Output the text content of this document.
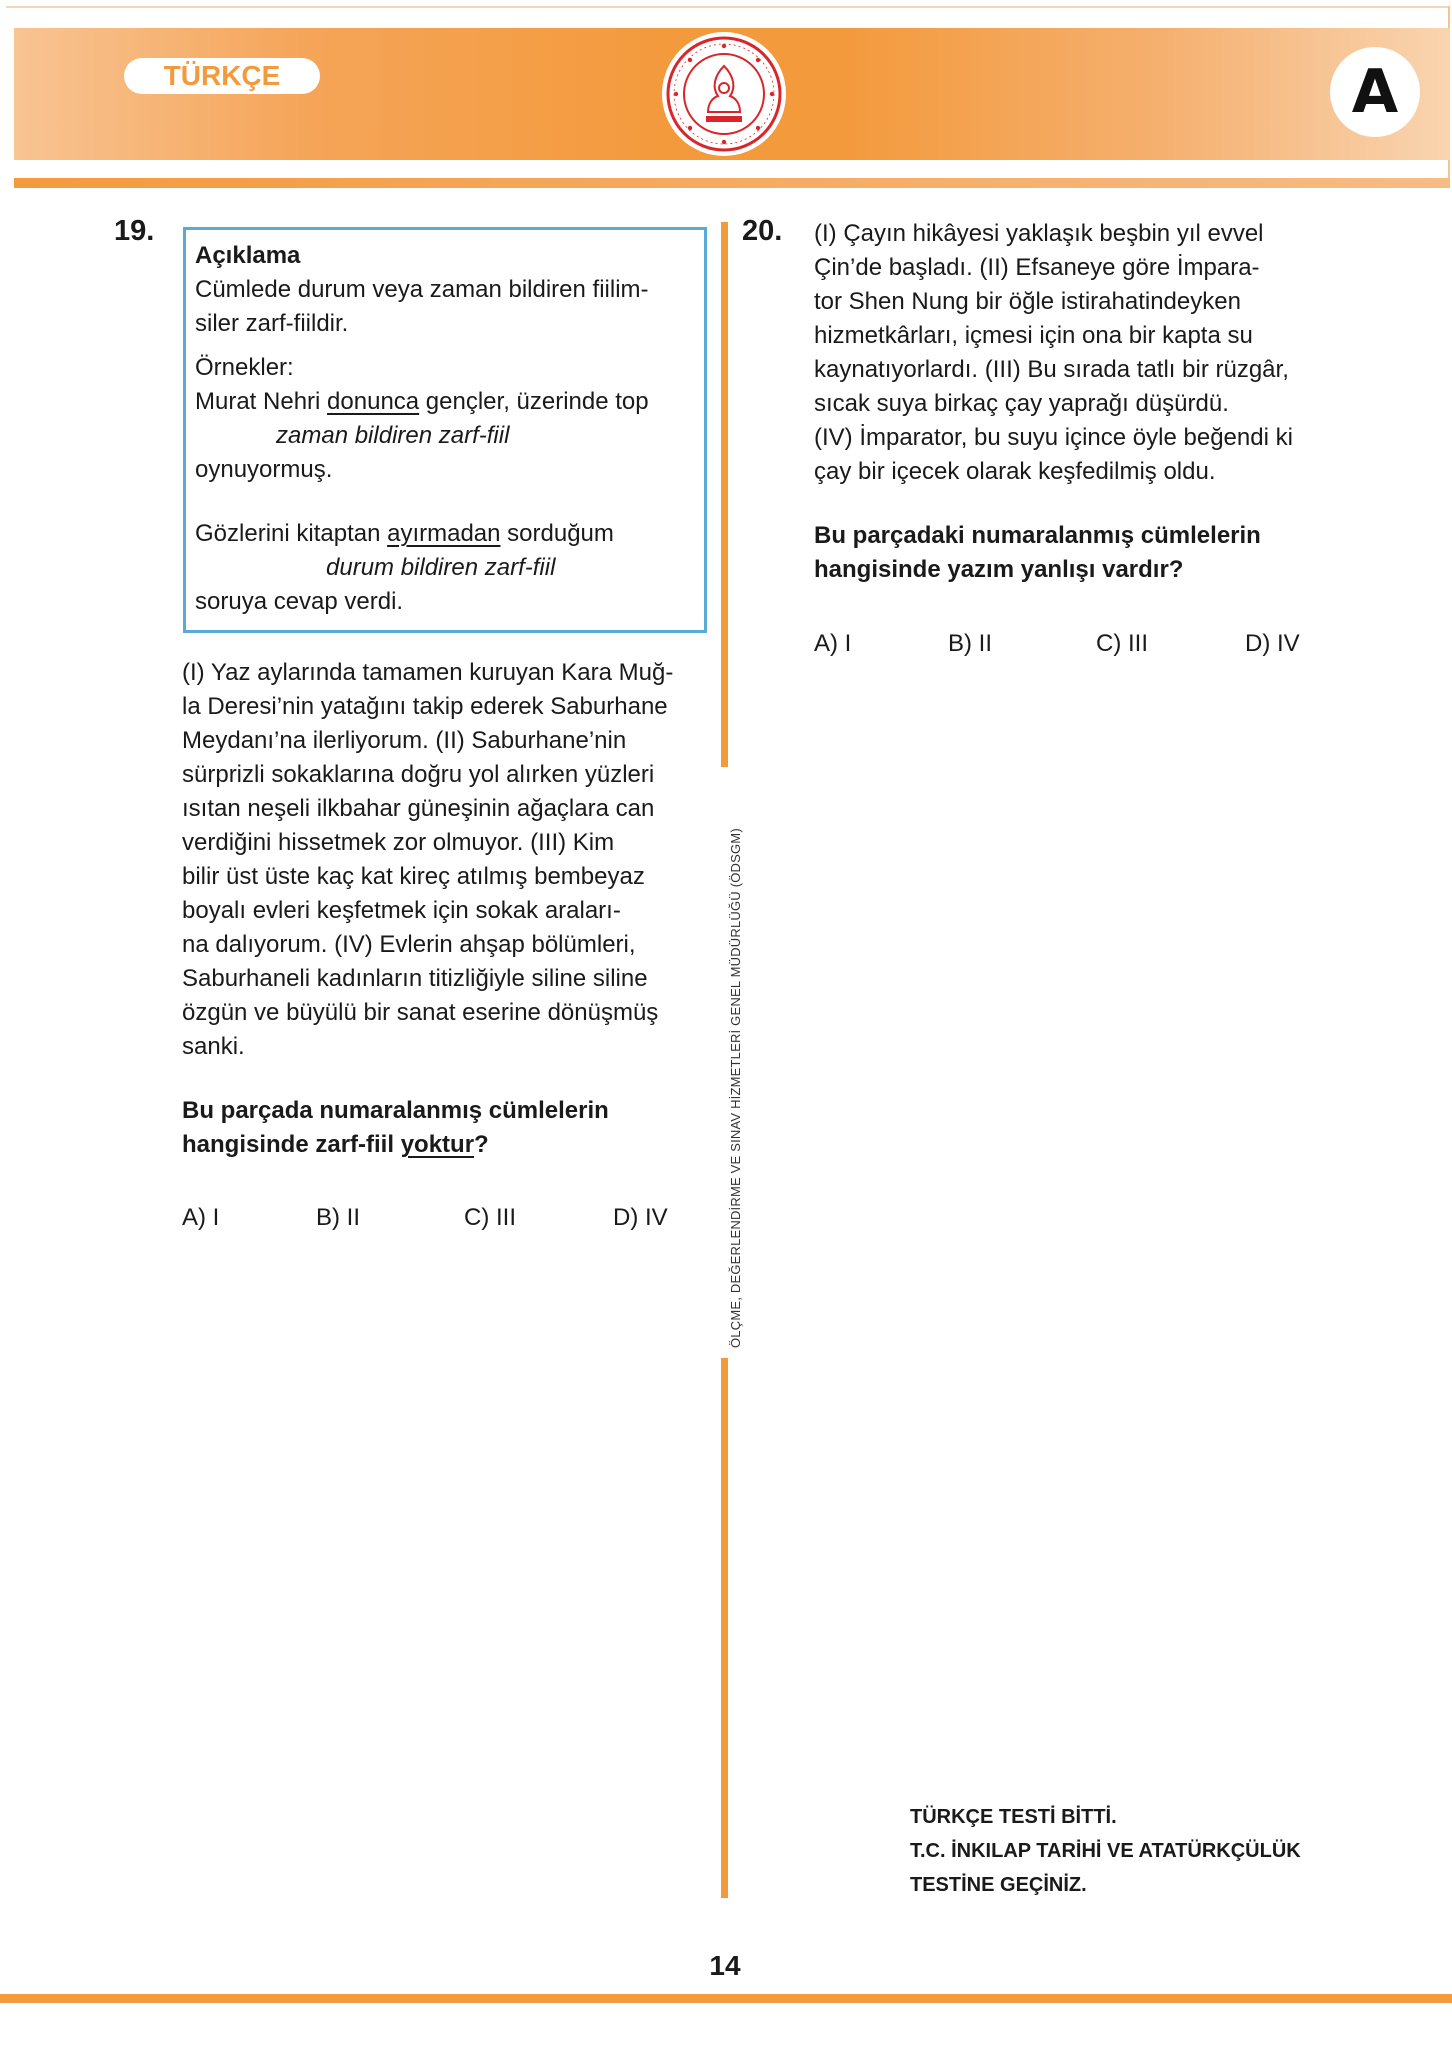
TÜRKÇE	A
19.
Açıklama
Cümlede durum veya zaman bildiren fiilim-
siler zarf-fiildir.
Örnekler:
Murat Nehri donunca gençler, üzerinde top
zaman bildiren zarf-fiil
oynuyormuş.
Gözlerini kitaptan ayırmadan sorduğum
durum bildiren zarf-fiil
soruya cevap verdi.
(I) Yaz aylarında tamamen kuruyan Kara Muğ-
la Deresi’nin yatağını takip ederek Saburhane
Meydanı’na ilerliyorum. (II) Saburhane’nin
sürprizli sokaklarına doğru yol alırken yüzleri
ısıtan neşeli ilkbahar güneşinin ağaçlara can
verdiğini hissetmek zor olmuyor. (III) Kim
bilir üst üste kaç kat kireç atılmış bembeyaz
boyalı evleri keşfetmek için sokak araları-
na dalıyorum. (IV) Evlerin ahşap bölümleri,
Saburhaneli kadınların titizliğiyle siline siline
özgün ve büyülü bir sanat eserine dönüşmüş
sanki.
Bu parçada numaralanmış cümlelerin
hangisinde zarf-fiil yoktur?
A) I	B) II	C) III	D) IV	ÖLÇME, DEĞERLENDİRME VE SINAV HİZMETLERİ GENEL MÜDÜRLÜĞÜ (ÖDSGM)
20. (I) Çayın hikâyesi yaklaşık beşbin yıl evvel
Çin’de başladı. (II) Efsaneye göre İmpara-
tor Shen Nung bir öğle istirahatindeyken
hizmetkârları, içmesi için ona bir kapta su
kaynatıyorlardı. (III) Bu sırada tatlı bir rüzgâr,
sıcak suya birkaç çay yaprağı düşürdü.
(IV) İmparator, bu suyu içince öyle beğendi ki
çay bir içecek olarak keşfedilmiş oldu.
Bu parçadaki numaralanmış cümlelerin
hangisinde yazım yanlışı vardır?
A) I	B) II	C) III	D) IV
TÜRKÇE TESTİ BİTTİ.
T.C. İNKILAP TARİHİ VE ATATÜRKÇÜLÜK
TESTİNE GEÇİNİZ.
14
